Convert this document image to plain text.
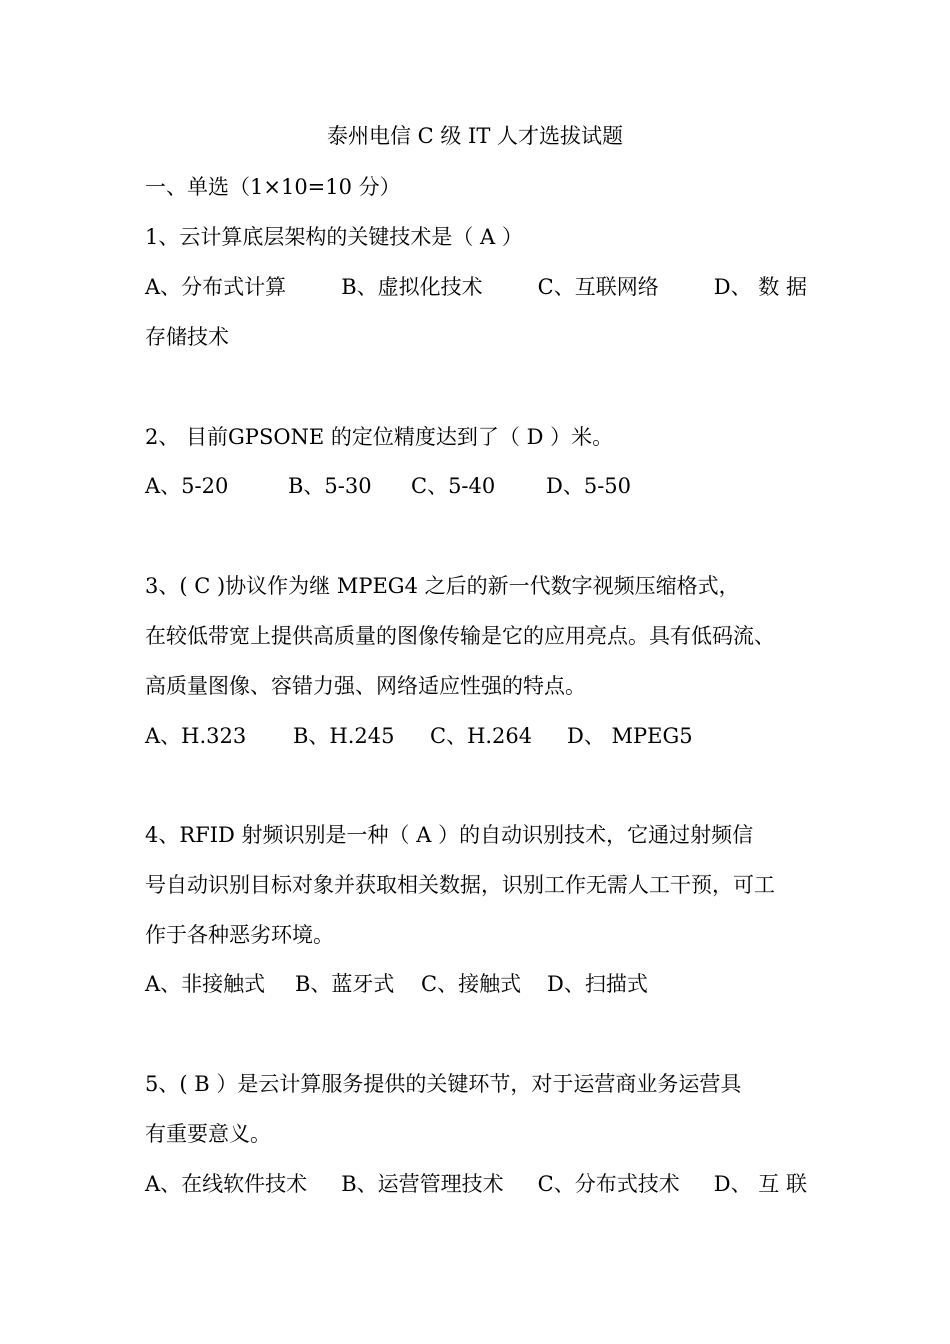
泰州电信 C 级 IT 人才选拔试题
一、单选（1×10=10 分）
1、云计算底层架构的关键技术是（ A ）
A、分布式计算	B、虚拟化技术	C、互联网络	D、 数 据
存储技术
2、 目前GPSONE 的定位精度达到了（ D ）米。
A、5-20	B、5-30	C、5-40	D、5-50
3、( C )协议作为继 MPEG4 之后的新一代数字视频压缩格式，
在较低带宽上提供高质量的图像传输是它的应用亮点。具有低码流、
高质量图像、容错力强、网络适应性强的特点。
A、H.323	B、H.245	C、H.264	D、 MPEG5
4、RFID 射频识别是一种（ A ）的自动识别技术，它通过射频信
号自动识别目标对象并获取相关数据，识别工作无需人工干预，可工
作于各种恶劣环境。
A、非接触式	B、蓝牙式	C、接触式	D、扫描式
5、( B ）是云计算服务提供的关键环节，对于运营商业务运营具
有重要意义。
A、在线软件技术 B、运营管理技术 C、分布式技术 D、 互 联
